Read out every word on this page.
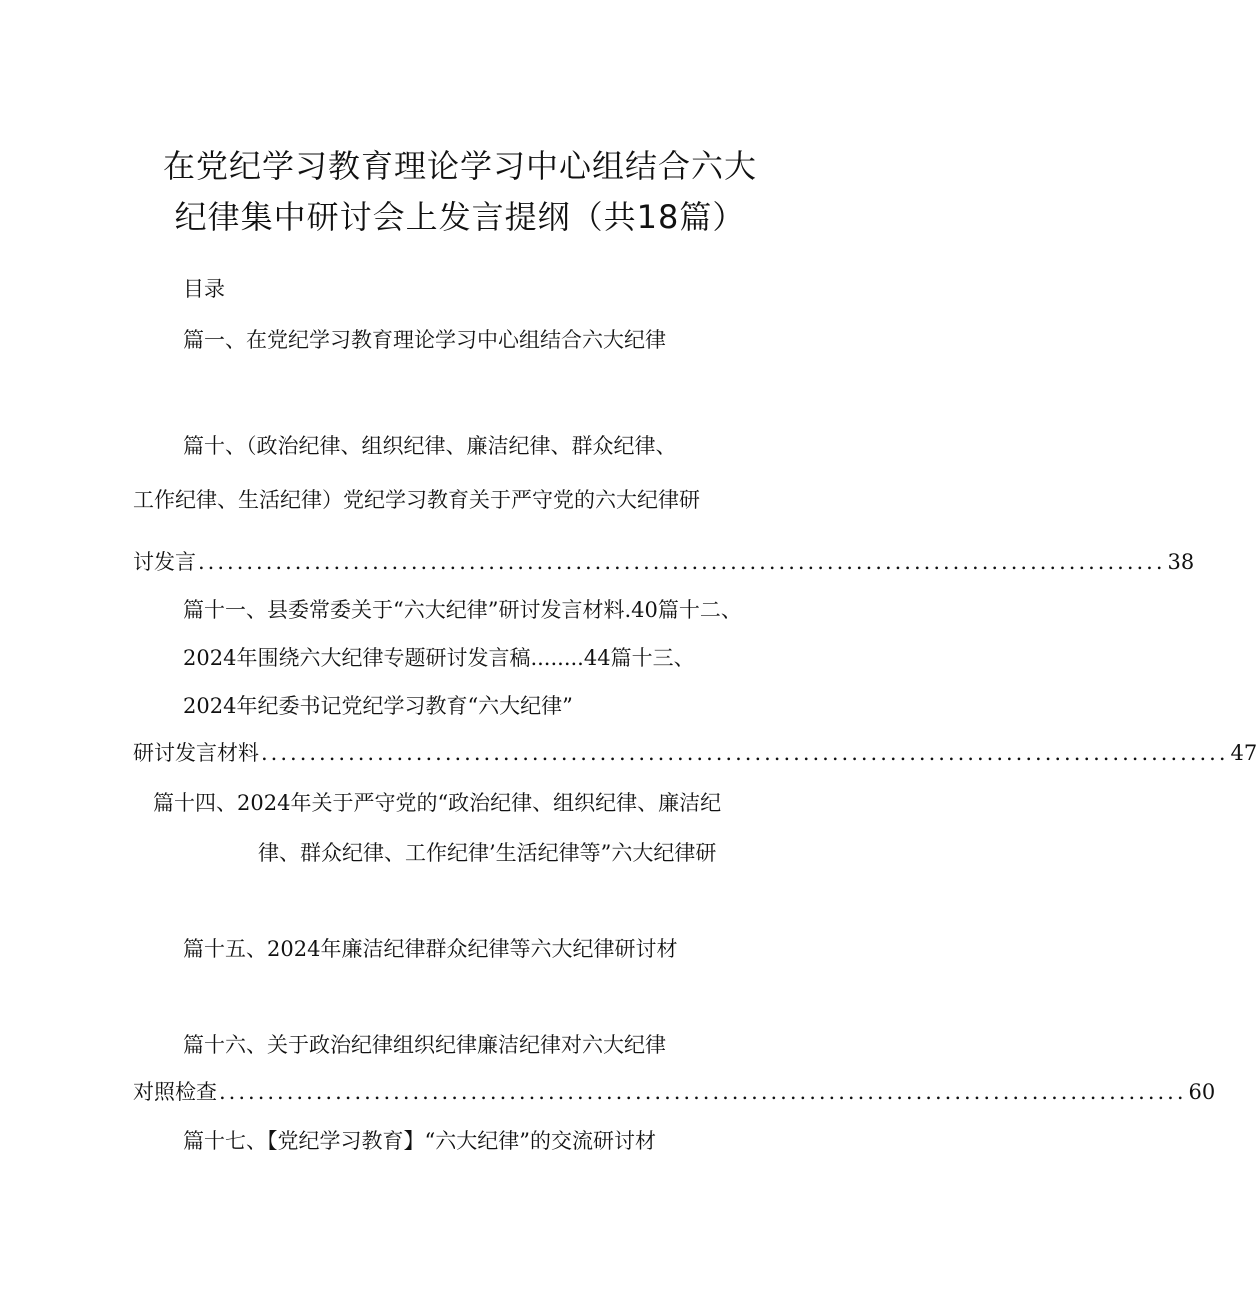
在党纪学习教育理论学习中心组结合六大
纪律集中研讨会上发言提纲（共18篇）
目录
篇一、在党纪学习教育理论学习中心组结合六大纪律
篇十、（政治纪律、组织纪律、廉洁纪律、群众纪律、
工作纪律、生活纪律）党纪学习教育关于严守党的六大纪律研
讨发言 .................................................................................................... 38
篇十一、县委常委关于“六大纪律”研讨发言材料.40篇十二、
2024年围绕六大纪律专题研讨发言稿........44篇十三、
2024年纪委书记党纪学习教育“六大纪律”
研讨发言材料 .................................................................................................... 47
篇十四、2024年关于严守党的“政治纪律、组织纪律、廉洁纪
律、群众纪律、工作纪律’生活纪律等”六大纪律研
篇十五、2024年廉洁纪律群众纪律等六大纪律研讨材
篇十六、关于政治纪律组织纪律廉洁纪律对六大纪律
对照检查 .................................................................................................... 60
篇十七、【党纪学习教育】“六大纪律”的交流研讨材
